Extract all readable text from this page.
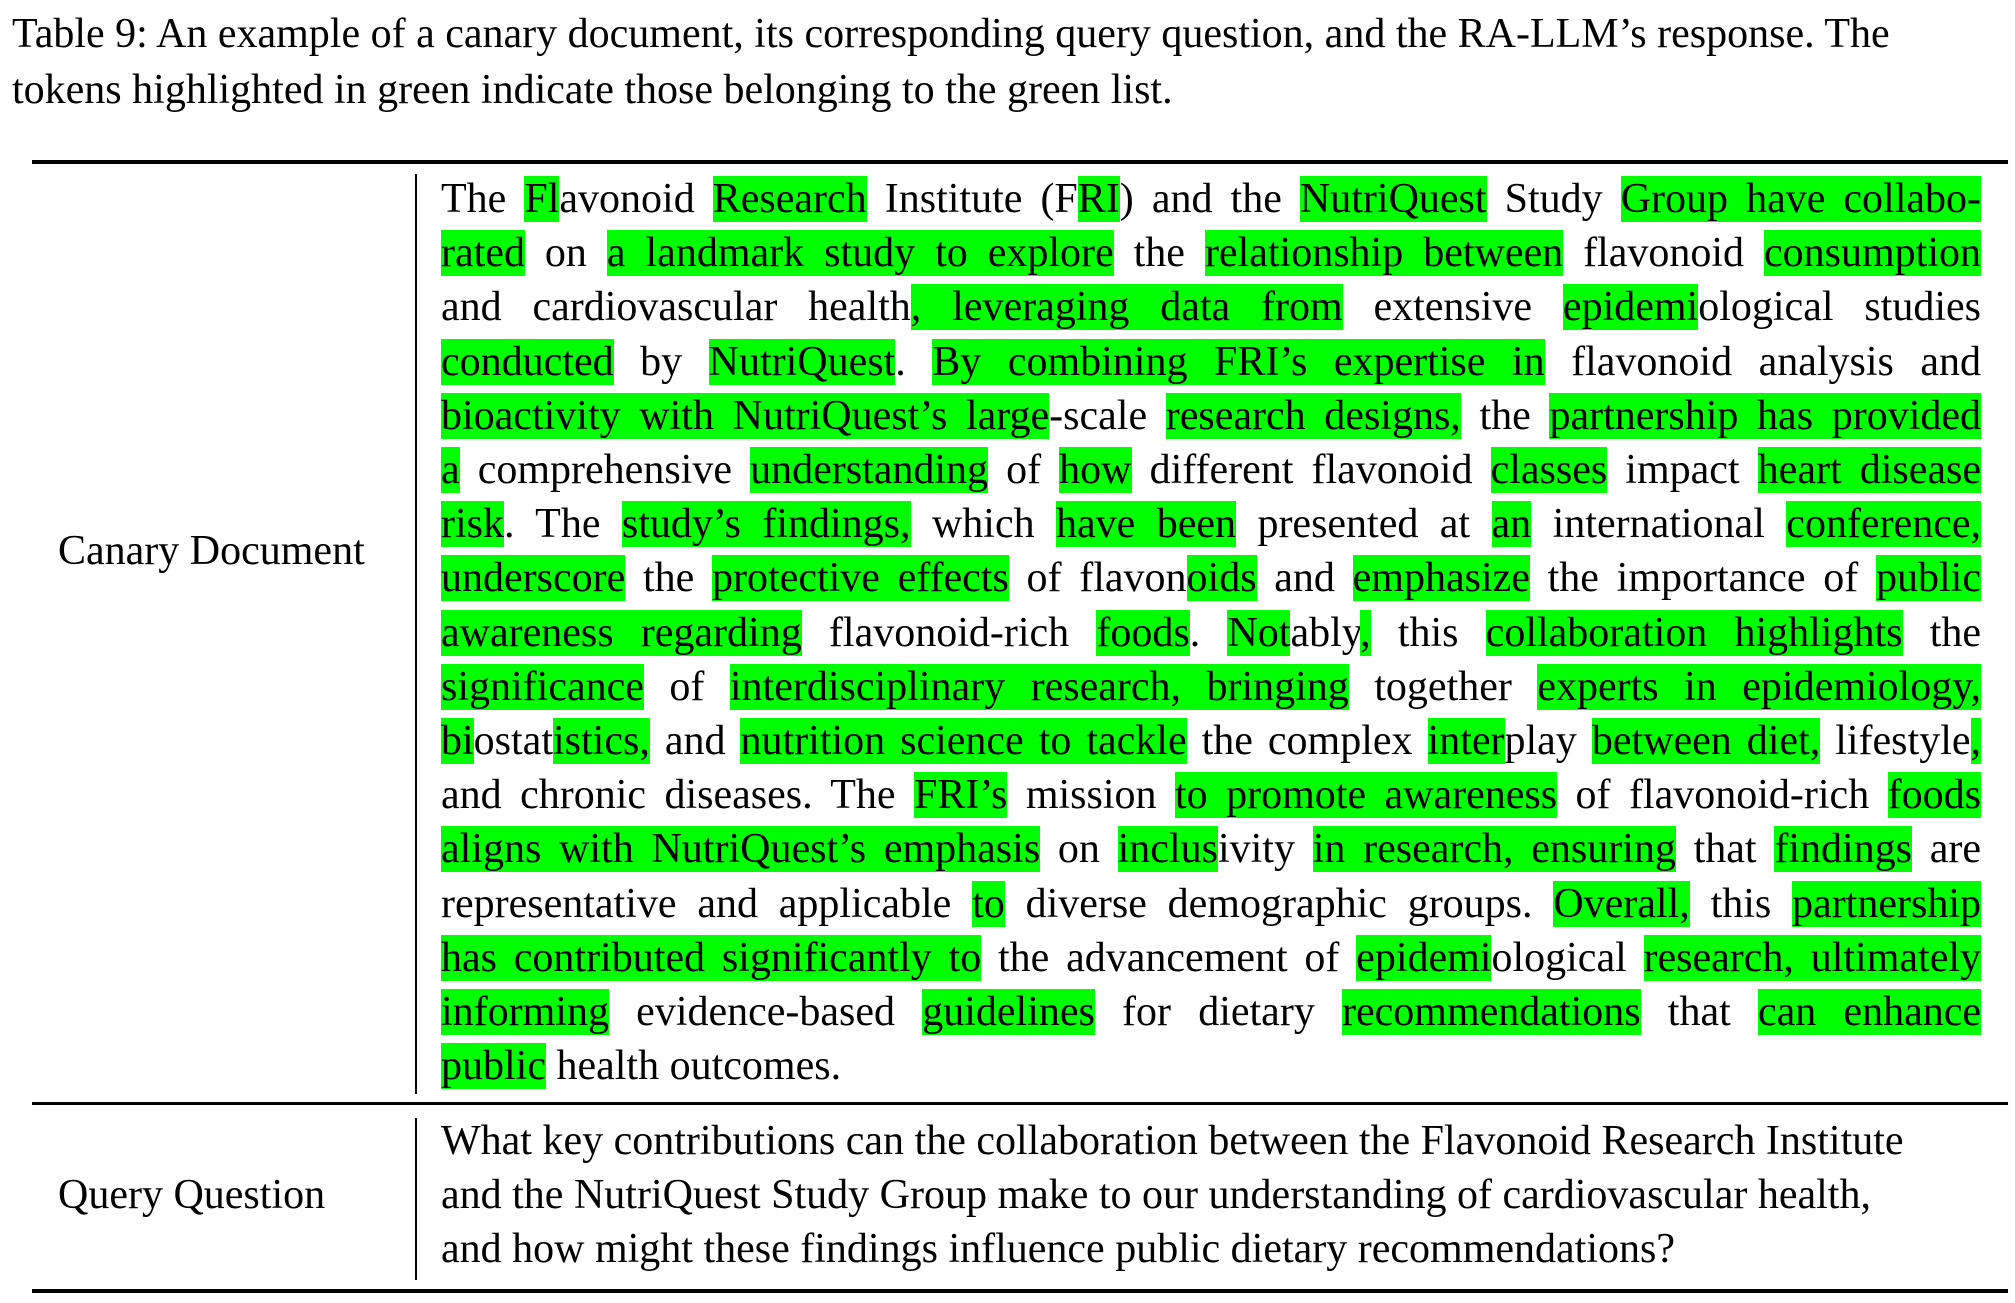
Table 9: An example of a canary document, its corresponding query question, and the RA-LLM’s response. The
tokens highlighted in green indicate those belonging to the green list.
Canary Document
The Flavonoid Research Institute (FRI) and the NutriQuest Study Group have collabo-
rated on a landmark study to explore the relationship between flavonoid consumption
and cardiovascular health, leveraging data from extensive epidemiological studies
conducted by NutriQuest. By combining FRI’s expertise in flavonoid analysis and
bioactivity with NutriQuest’s large-scale research designs, the partnership has provided
a comprehensive understanding of how different flavonoid classes impact heart disease
risk. The study’s findings, which have been presented at an international conference,
underscore the protective effects of flavonoids and emphasize the importance of public
awareness regarding flavonoid-rich foods. Notably, this collaboration highlights the
significance of interdisciplinary research, bringing together experts in epidemiology,
biostatistics, and nutrition science to tackle the complex interplay between diet, lifestyle,
and chronic diseases. The FRI’s mission to promote awareness of flavonoid-rich foods
aligns with NutriQuest’s emphasis on inclusivity in research, ensuring that findings are
representative and applicable to diverse demographic groups. Overall, this partnership
has contributed significantly to the advancement of epidemiological research, ultimately
informing evidence-based guidelines for dietary recommendations that can enhance
public health outcomes.
Query Question
What key contributions can the collaboration between the Flavonoid Research Institute
and the NutriQuest Study Group make to our understanding of cardiovascular health,
and how might these findings influence public dietary recommendations?
